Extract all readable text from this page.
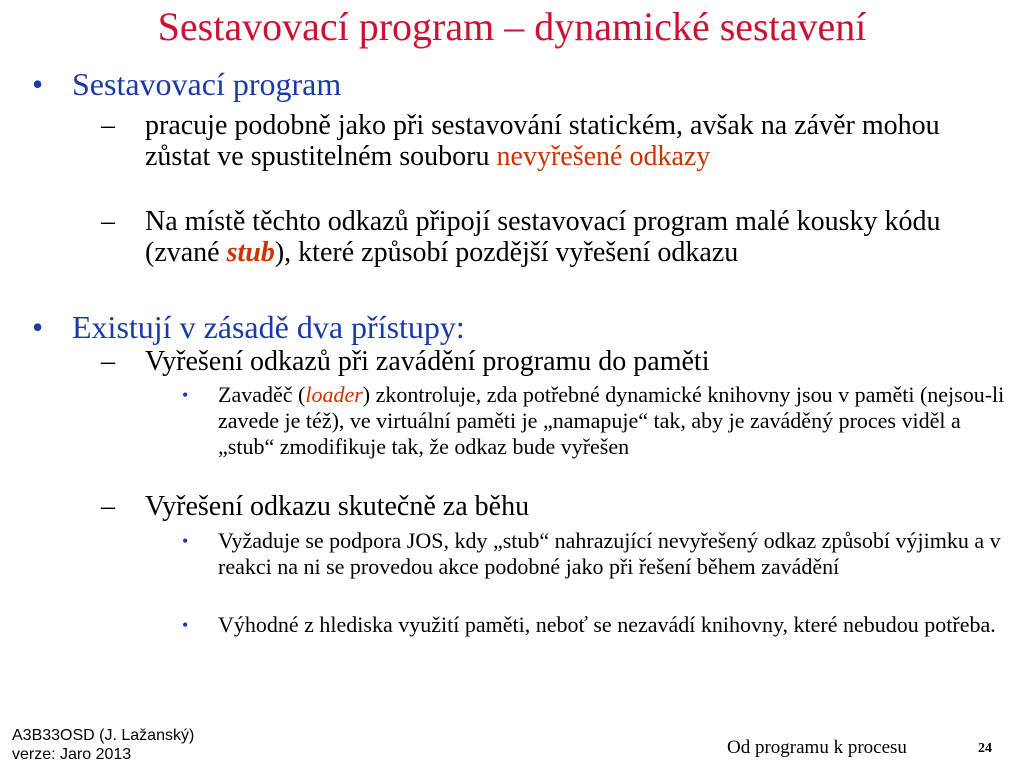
Sestavovací program – dynamické sestavení
• Sestavovací program
– pracuje podobně jako při sestavování statickém, avšak na závěr mohou zůstat ve spustitelném souboru nevyřešené odkazy
– Na místě těchto odkazů připojí sestavovací program malé kousky kódu (zvané stub), které způsobí pozdější vyřešení odkazu
• Existují v zásadě dva přístupy:
– Vyřešení odkazů při zavádění programu do paměti
• Zavaděč (loader) zkontroluje, zda potřebné dynamické knihovny jsou v paměti (nejsou-li zavede je též), ve virtuální paměti je „namapuje“ tak, aby je zaváděný proces viděl a „stub“ zmodifikuje tak, že odkaz bude vyřešen
– Vyřešení odkazu skutečně za běhu
• Vyžaduje se podpora JOS, kdy „stub“ nahrazující nevyřešený odkaz způsobí výjimku a v reakci na ni se provedou akce podobné jako při řešení během zavádění
• Výhodné z hlediska využití paměti, neboť se nezavádí knihovny, které nebudou potřeba.
A3B33OSD (J. Lažanský)
verze: Jaro 2013	Od programu k procesu	24
